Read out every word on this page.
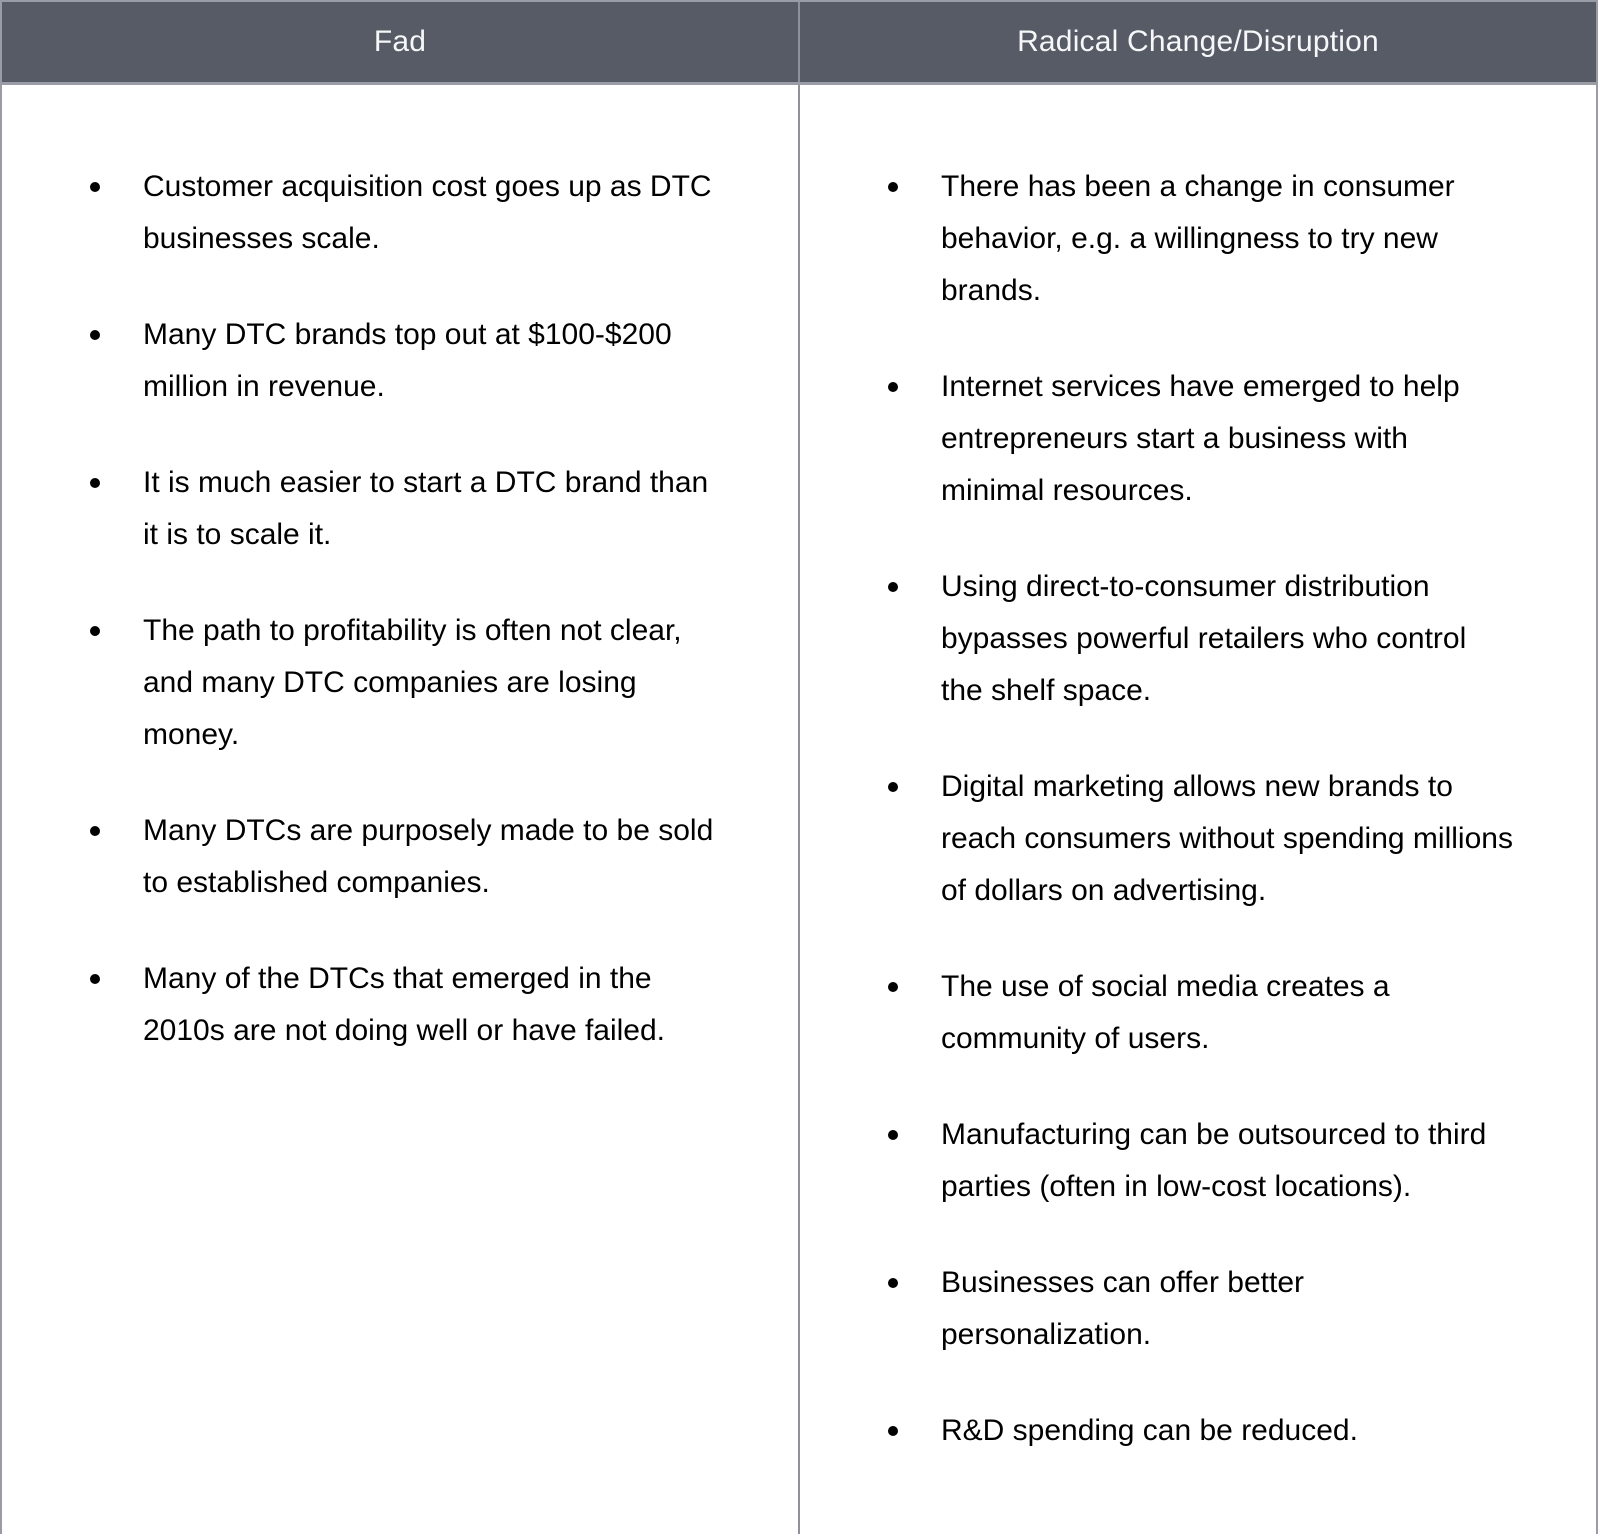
Fad	Radical Change/Disruption
Customer acquisition cost goes up as DTC businesses scale.
Many DTC brands top out at $100-$200 million in revenue.
It is much easier to start a DTC brand than it is to scale it.
The path to profitability is often not clear, and many DTC companies are losing money.
Many DTCs are purposely made to be sold to established companies.
Many of the DTCs that emerged in the 2010s are not doing well or have failed.
There has been a change in consumer behavior, e.g. a willingness to try new brands.
Internet services have emerged to help entrepreneurs start a business with minimal resources.
Using direct-to-consumer distribution bypasses powerful retailers who control the shelf space.
Digital marketing allows new brands to reach consumers without spending millions of dollars on advertising.
The use of social media creates a community of users.
Manufacturing can be outsourced to third parties (often in low-cost locations).
Businesses can offer better personalization.
R&D spending can be reduced.
